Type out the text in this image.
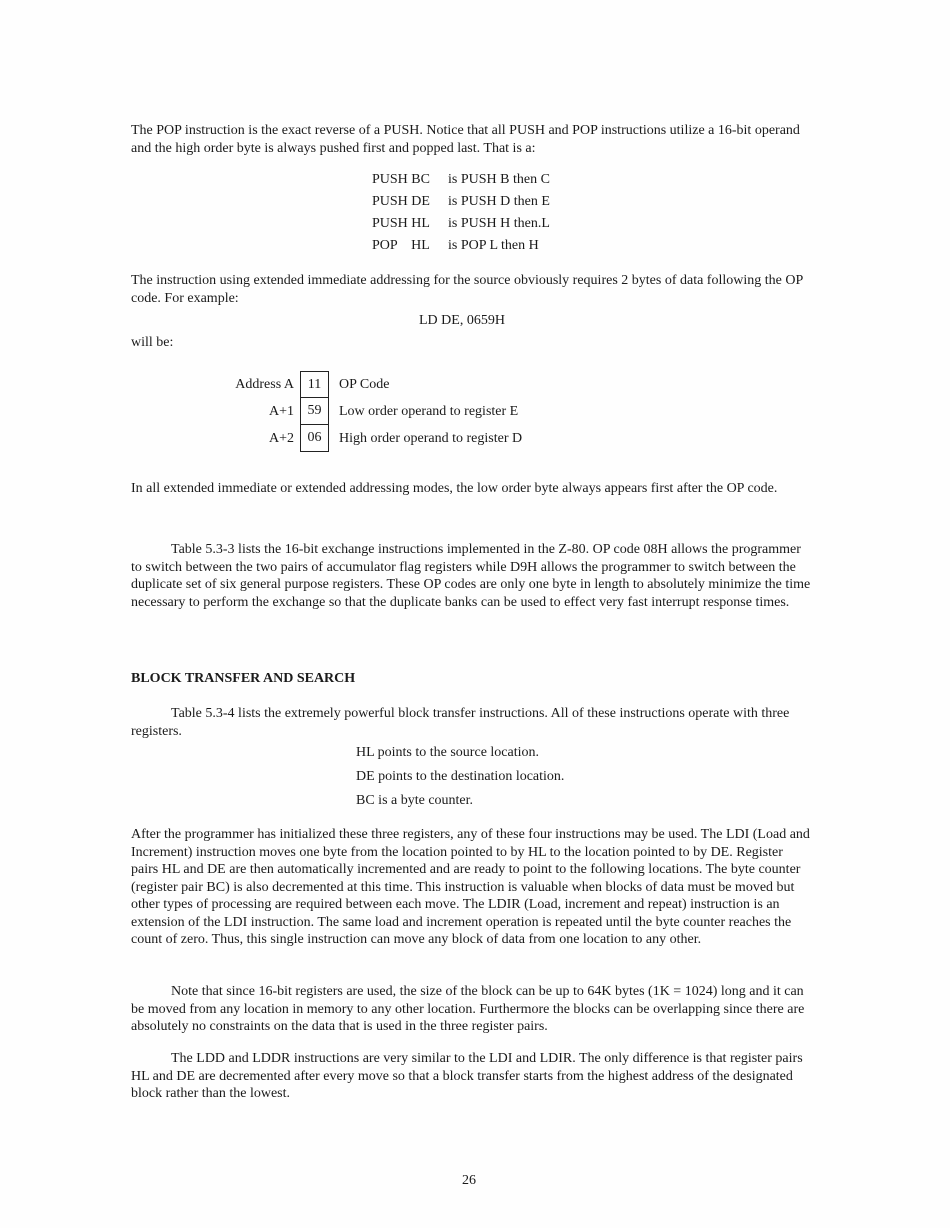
The POP instruction is the exact reverse of a PUSH. Notice that all PUSH and POP instructions utilize a 16-bit operand and the high order byte is always pushed first and popped last. That is a:

PUSH BC	is PUSH B then C
PUSH DE	is PUSH D then E
PUSH HL	is PUSH H then.L
POP    HL	is POP L then H

The instruction using extended immediate addressing for the source obviously requires 2 bytes of data following the OP code. For example:

LD DE, 0659H
will be:
Address A 11	OP Code
A+1 59	Low order operand to register E
A+2 06	High order operand to register D

In all extended immediate or extended addressing modes, the low order byte always appears first after the OP code.

Table 5.3-3 lists the 16-bit exchange instructions implemented in the Z-80. OP code 08H allows the programmer to switch between the two pairs of accumulator flag registers while D9H allows the programmer to switch between the duplicate set of six general purpose registers. These OP codes are only one byte in length to absolutely minimize the time necessary to perform the exchange so that the duplicate banks can be used to effect very fast interrupt response times.

BLOCK TRANSFER AND SEARCH

Table 5.3-4 lists the extremely powerful block transfer instructions. All of these instructions operate with three registers.

HL points to the source location.
DE points to the destination location.
BC is a byte counter.

After the programmer has initialized these three registers, any of these four instructions may be used. The LDI (Load and Increment) instruction moves one byte from the location pointed to by HL to the location pointed to by DE. Register pairs HL and DE are then automatically incremented and are ready to point to the following locations. The byte counter (register pair BC) is also decremented at this time. This instruction is valuable when blocks of data must be moved but other types of processing are required between each move. The LDIR (Load, increment and repeat) instruction is an extension of the LDI instruction. The same load and increment operation is repeated until the byte counter reaches the count of zero. Thus, this single instruction can move any block of data from one location to any other.

Note that since 16-bit registers are used, the size of the block can be up to 64K bytes (1K = 1024) long and it can be moved from any location in memory to any other location. Furthermore the blocks can be overlapping since there are absolutely no constraints on the data that is used in the three register pairs.

The LDD and LDDR instructions are very similar to the LDI and LDIR. The only difference is that register pairs HL and DE are decremented after every move so that a block transfer starts from the highest address of the designated block rather than the lowest.

26
